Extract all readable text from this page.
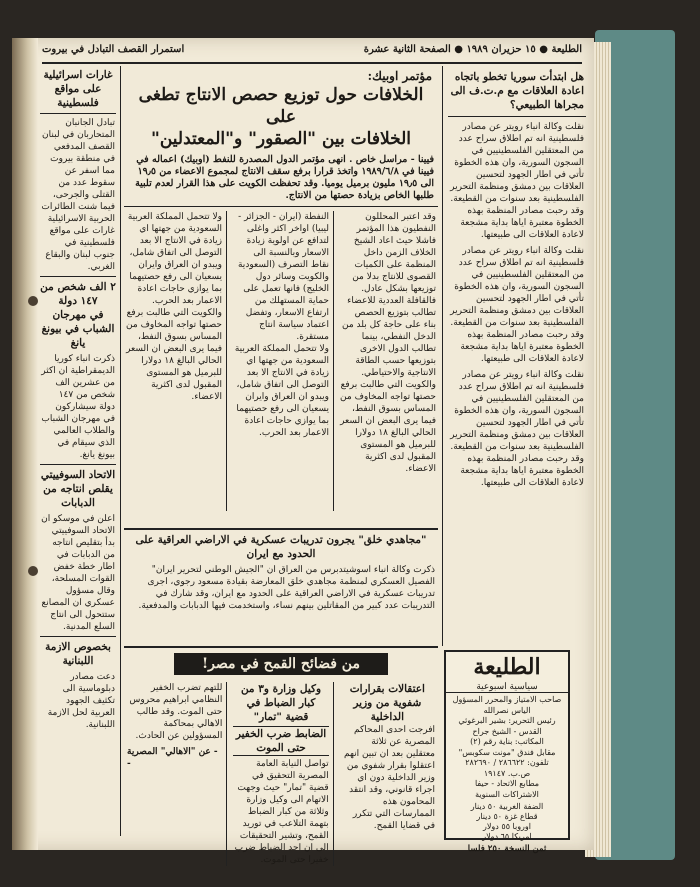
الطليعة ● ١٥ حزيران ١٩٨٩ ● الصفحة الثانية عشرة
استمرار القصف التبادل في بيروت
هل ابتدأت سوريا تخطو باتجاه اعادة العلاقات مع م.ت.ف الى مجراها الطبيعي؟
نقلت وكالة انباء رويتر عن مصادر فلسطينية انه تم اطلاق سراح عدد من المعتقلين الفلسطينيين في السجون السورية، وان هذه الخطوة تأتي في اطار الجهود لتحسين العلاقات بين دمشق ومنظمة التحرير الفلسطينية بعد سنوات من القطيعة. وقد رحبت مصادر المنظمة بهذه الخطوة معتبرة اياها بداية مشجعة لاعادة العلاقات الى طبيعتها.
نقلت وكالة انباء رويتر عن مصادر فلسطينية انه تم اطلاق سراح عدد من المعتقلين الفلسطينيين في السجون السورية، وان هذه الخطوة تأتي في اطار الجهود لتحسين العلاقات بين دمشق ومنظمة التحرير الفلسطينية بعد سنوات من القطيعة. وقد رحبت مصادر المنظمة بهذه الخطوة معتبرة اياها بداية مشجعة لاعادة العلاقات الى طبيعتها.
نقلت وكالة انباء رويتر عن مصادر فلسطينية انه تم اطلاق سراح عدد من المعتقلين الفلسطينيين في السجون السورية، وان هذه الخطوة تأتي في اطار الجهود لتحسين العلاقات بين دمشق ومنظمة التحرير الفلسطينية بعد سنوات من القطيعة. وقد رحبت مصادر المنظمة بهذه الخطوة معتبرة اياها بداية مشجعة لاعادة العلاقات الى طبيعتها.
مؤتمر اوبيك:
الخلافات حول توزيع حصص الانتاج تطغى على
الخلافات بين "الصقور" و"المعتدلين"
فيينا - مراسل خاص . انهى مؤتمر الدول المصدرة للنفط (اوبيك) اعماله في فيينا في ١٩٨٩/٦/٨ واتخذ قرارا برفع سقف الانتاج لمجموع الاعضاء من ١٩٫٥ الى ١٩٫٥ مليون برميل يوميا. وقد تحفظت الكويت على هذا القرار لعدم تلبية طلبها الخاص بزيادة حصتها من الانتاج.
وقد اعتبر المحللون النفطيون هذا المؤتمر فاشلا حيث اعاد الشيخ الخلاف الزمن داخل المنظمة على الكميات القصوى للانتاج بدلا من توزيعها بشكل عادل. فالقافلة العددية للاعضاء تطالب بتوزيع الحصص بناء على حاجة كل بلد من الدخل النفطي، بينما تطالب الدول الاخرى بتوزيعها حسب الطاقة الانتاجية والاحتياطي.
والكويت التي طالبت برفع حصتها تواجه المخاوف من المساس بسوق النفط، فيما يرى البعض ان السعر الحالي البالغ ١٨ دولارا للبرميل هو المستوى المقبول لدى اكثرية الاعضاء.
النفطة (ايران - الجزائر - ليبيا) اواخر اكثر واغلى لتدافع عن اولوية زيادة الاسعار وبالنسبة الى نقاط التصرف (السعودية والكويت وسائر دول الخليج) فانها تعمل على حماية المستهلك من ارتفاع الاسعار، وتفضل اعتماد سياسة انتاج مستقرة.
ولا تتحمل المملكة العربية السعودية من جهتها اي زيادة في الانتاج الا بعد التوصل الى اتفاق شامل، ويبدو ان العراق وايران يسعيان الى رفع حصتيهما بما يوازي حاجات اعادة الاعمار بعد الحرب.
ولا تتحمل المملكة العربية السعودية من جهتها اي زيادة في الانتاج الا بعد التوصل الى اتفاق شامل، ويبدو ان العراق وايران يسعيان الى رفع حصتيهما بما يوازي حاجات اعادة الاعمار بعد الحرب.
والكويت التي طالبت برفع حصتها تواجه المخاوف من المساس بسوق النفط، فيما يرى البعض ان السعر الحالي البالغ ١٨ دولارا للبرميل هو المستوى المقبول لدى اكثرية الاعضاء.
"مجاهدي خلق" يجرون تدريبات عسكرية في الاراضي العراقية على الحدود مع ايران
ذكرت وكالة انباء اسوشيتدبرس من العراق ان "الجيش الوطني لتحرير ايران" الفصيل العسكري لمنظمة مجاهدي خلق المعارضة بقيادة مسعود رجوي، اجرى تدريبات عسكرية في الاراضي العراقية على الحدود مع ايران، وقد شارك في التدريبات عدد كبير من المقاتلين بينهم نساء، واستخدمت فيها الدبابات والمدفعية.
غارات اسرائيلية على مواقع فلسطينية
تبادل الجانبان المتحاربان في لبنان القصف المدفعي في منطقة بيروت مما اسفر عن سقوط عدد من القتلى والجرحى، فيما شنت الطائرات الحربية الاسرائيلية غارات على مواقع فلسطينية في جنوب لبنان والبقاع الغربي.
٢ الف شخص من ١٤٧ دولة
في مهرجان الشباب في بيونغ يانغ
ذكرت انباء كوريا الديمقراطية ان اكثر من عشرين الف شخص من ١٤٧ دولة سيشاركون في مهرجان الشباب والطلاب العالمي الذي سيقام في بيونغ يانغ.
الاتحاد السوفييتي يقلص انتاجه من الدبابات
اعلن في موسكو ان الاتحاد السوفييتي بدأ بتقليص انتاجه من الدبابات في اطار خطة خفض القوات المسلحة، وقال مسؤول عسكري ان المصانع ستتحول الى انتاج السلع المدنية.
بخصوص الازمة اللبنانية
دعت مصادر دبلوماسية الى تكثيف الجهود العربية لحل الازمة اللبنانية.
من فضائح القمح في مصر!
اعتقالات بقرارات شفوية من وزير الداخلية
افرجت احدى المحاكم المصرية عن ثلاثة معتقلين بعد ان تبين انهم اعتقلوا بقرار شفوي من وزير الداخلية دون اي اجراء قانوني، وقد انتقد المحامون هذه الممارسات التي تتكرر في قضايا القمح.
وكيل وزارة و٣ من كبار الضباط في قضية "تمار"
الضابط ضرب الخفير حتى الموت
تواصل النيابة العامة المصرية التحقيق في قضية "تمار" حيث وجهت الاتهام الى وكيل وزارة وثلاثة من كبار الضباط بتهمة التلاعب في توريد القمح، وتشير التحقيقات الى ان احد الضباط ضرب خفيرا حتى الموت.
للتهم تضرب الخفير النظامي ابراهيم محروس حتى الموت. وقد طالب الاهالي بمحاكمة المسؤولين عن الحادث.
- عن "الاهالي" المصرية -
الطليعة
سياسية اسبوعية
صاحب الامتياز والمحرر المسؤول
الياس نصرالله
رئيس التحرير: بشير البرغوثي
القدس - الشيخ جراح
المكاتب: بناية رقم (٢)
مقابل فندق "مونت سكوبس"
تلفون: ٢٨٦٦٢٢ / ٢٨٢٦٩٠
ص.ب. ١٩١٤٧
مطابع الاتحاد - حيفا
الاشتراكات السنوية
الضفة الغربية ٥٠ دينار
قطاع غزة ٥٠ دينار
اوروبا ٥٥ دولار
امريكا ٦٥ دولار
ثمن النسخة ٢٥٠ فلسا
